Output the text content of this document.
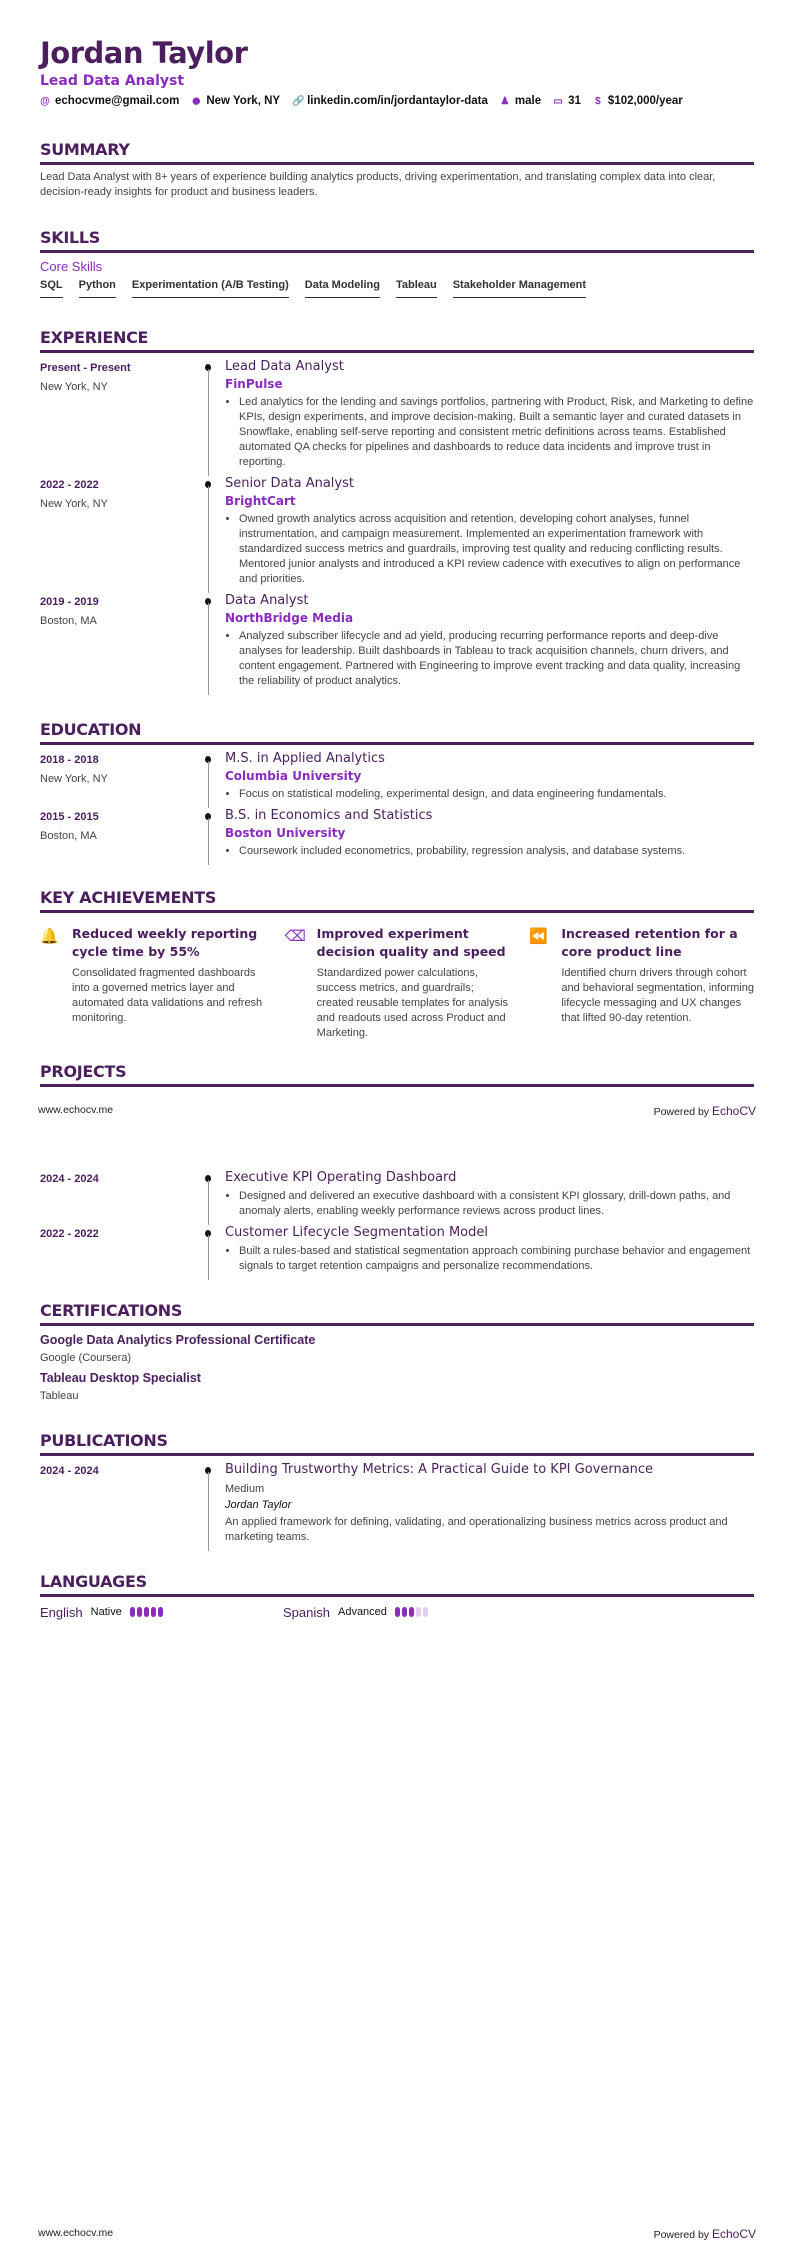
Jordan Taylor
Lead Data Analyst
@ echocvme@gmail.com ⬤ New York, NY 🔗 linkedin.com/in/jordantaylor-data ♟ male ▭ 31 $ $102,000/year
SUMMARY
Lead Data Analyst with 8+ years of experience building analytics products, driving experimentation, and translating complex data into clear, decision-ready insights for product and business leaders.
SKILLS
Core Skills
SQL Python Experimentation (A/B Testing) Data Modeling Tableau Stakeholder Management
EXPERIENCE
Present - Present
New York, NY
Lead Data Analyst
FinPulse
• Led analytics for the lending and savings portfolios, partnering with Product, Risk, and Marketing to define KPIs, design experiments, and improve decision-making. Built a semantic layer and curated datasets in Snowflake, enabling self-serve reporting and consistent metric definitions across teams. Established automated QA checks for pipelines and dashboards to reduce data incidents and improve trust in reporting.
2022 - 2022
New York, NY
Senior Data Analyst
BrightCart
• Owned growth analytics across acquisition and retention, developing cohort analyses, funnel instrumentation, and campaign measurement. Implemented an experimentation framework with standardized success metrics and guardrails, improving test quality and reducing conflicting results. Mentored junior analysts and introduced a KPI review cadence with executives to align on performance and priorities.
2019 - 2019
Boston, MA
Data Analyst
NorthBridge Media
• Analyzed subscriber lifecycle and ad yield, producing recurring performance reports and deep-dive analyses for leadership. Built dashboards in Tableau to track acquisition channels, churn drivers, and content engagement. Partnered with Engineering to improve event tracking and data quality, increasing the reliability of product analytics.
EDUCATION
2018 - 2018
New York, NY
M.S. in Applied Analytics
Columbia University
• Focus on statistical modeling, experimental design, and data engineering fundamentals.
2015 - 2015
Boston, MA
B.S. in Economics and Statistics
Boston University
• Coursework included econometrics, probability, regression analysis, and database systems.
KEY ACHIEVEMENTS
🔔 Reduced weekly reporting cycle time by 55%
Consolidated fragmented dashboards into a governed metrics layer and automated data validations and refresh monitoring.
⌫ Improved experiment decision quality and speed
Standardized power calculations, success metrics, and guardrails; created reusable templates for analysis and readouts used across Product and Marketing.
⏪ Increased retention for a core product line
Identified churn drivers through cohort and behavioral segmentation, informing lifecycle messaging and UX changes that lifted 90-day retention.
PROJECTS
www.echocv.me	Powered by EchoCV
2024 - 2024	Executive KPI Operating Dashboard
• Designed and delivered an executive dashboard with a consistent KPI glossary, drill-down paths, and anomaly alerts, enabling weekly performance reviews across product lines.
2022 - 2022	Customer Lifecycle Segmentation Model
• Built a rules-based and statistical segmentation approach combining purchase behavior and engagement signals to target retention campaigns and personalize recommendations.
CERTIFICATIONS
Google Data Analytics Professional Certificate
Google (Coursera)
Tableau Desktop Specialist
Tableau
PUBLICATIONS
2024 - 2024	Building Trustworthy Metrics: A Practical Guide to KPI Governance
Medium
Jordan Taylor
An applied framework for defining, validating, and operationalizing business metrics across product and marketing teams.
LANGUAGES
English Native	Spanish Advanced
www.echocv.me	Powered by EchoCV
